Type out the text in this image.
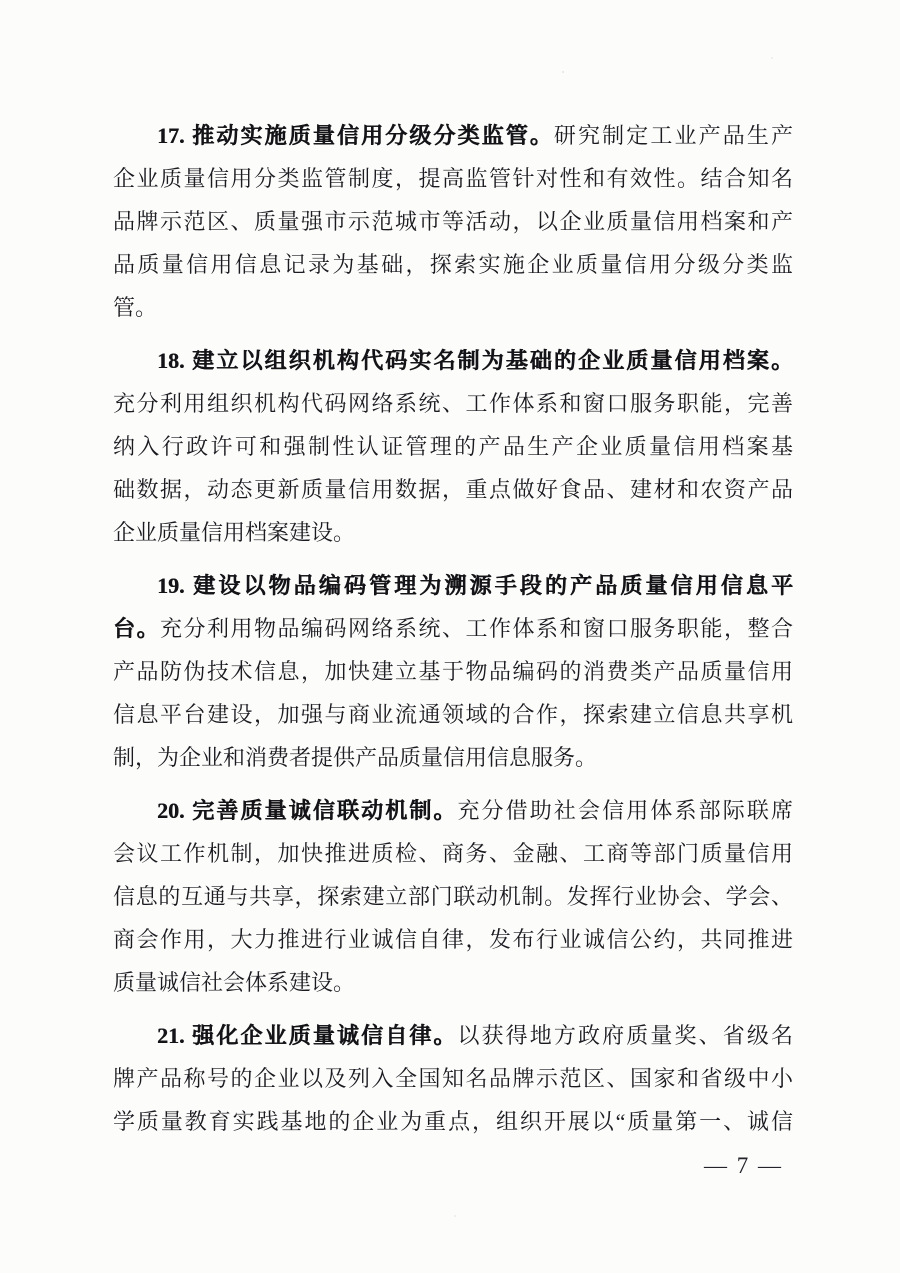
17. 推动实施质量信用分级分类监管。研究制定工业产品生产
企业质量信用分类监管制度，提高监管针对性和有效性。结合知名
品牌示范区、质量强市示范城市等活动，以企业质量信用档案和产
品质量信用信息记录为基础，探索实施企业质量信用分级分类监
管。
18. 建立以组织机构代码实名制为基础的企业质量信用档案。
充分利用组织机构代码网络系统、工作体系和窗口服务职能，完善
纳入行政许可和强制性认证管理的产品生产企业质量信用档案基
础数据，动态更新质量信用数据，重点做好食品、建材和农资产品
企业质量信用档案建设。
19. 建设以物品编码管理为溯源手段的产品质量信用信息平
台。充分利用物品编码网络系统、工作体系和窗口服务职能，整合
产品防伪技术信息，加快建立基于物品编码的消费类产品质量信用
信息平台建设，加强与商业流通领域的合作，探索建立信息共享机
制，为企业和消费者提供产品质量信用信息服务。
20. 完善质量诚信联动机制。充分借助社会信用体系部际联席
会议工作机制，加快推进质检、商务、金融、工商等部门质量信用
信息的互通与共享，探索建立部门联动机制。发挥行业协会、学会、
商会作用，大力推进行业诚信自律，发布行业诚信公约，共同推进
质量诚信社会体系建设。
21. 强化企业质量诚信自律。以获得地方政府质量奖、省级名
牌产品称号的企业以及列入全国知名品牌示范区、国家和省级中小
学质量教育实践基地的企业为重点，组织开展以“质量第一、诚信
— 7 —
